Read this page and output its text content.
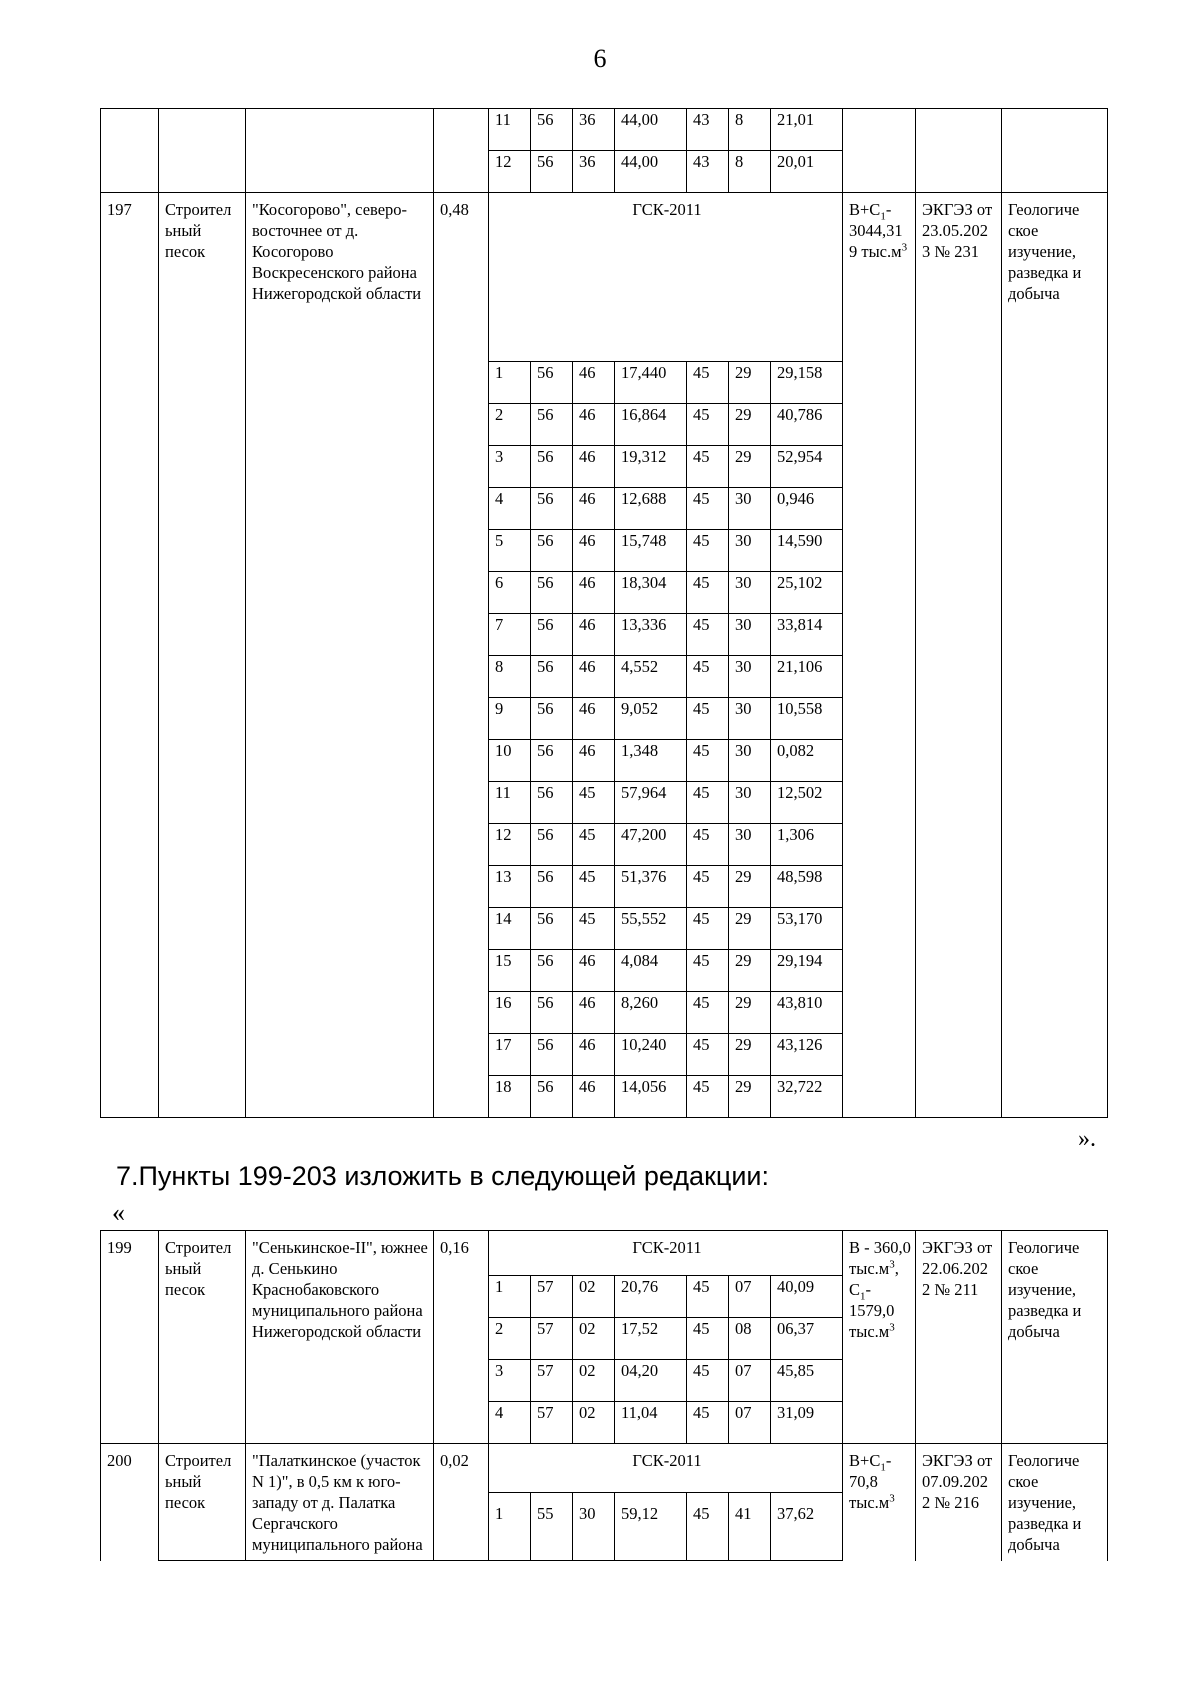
6
				11	56	36	44,00	43	8	21,01			
				12	56	36	44,00	43	8	20,01			
197	Строител ьный песок	"Косогорово", северо-восточнее от д. Косогорово Воскресенского района Нижегородской области	0,48	ГСК-2011							$B+C_1-3044,31$ 9 $тыс.м^3$	ЭКГЭЗ от 23.05.202 3 № 231	Геологиче ское изучение, разведка и добыча
				1	56	46	17,440	45	29	29,158			
				2	56	46	16,864	45	29	40,786			
				3	56	46	19,312	45	29	52,954			
				4	56	46	12,688	45	30	0,946			
				5	56	46	15,748	45	30	14,590			
				6	56	46	18,304	45	30	25,102			
				7	56	46	13,336	45	30	33,814			
				8	56	46	4,552	45	30	21,106			
				9	56	46	9,052	45	30	10,558			
				10	56	46	1,348	45	30	0,082			
				11	56	45	57,964	45	30	12,502			
				12	56	45	47,200	45	30	1,306			
				13	56	45	51,376	45	29	48,598			
				14	56	45	55,552	45	29	53,170			
				15	56	46	4,084	45	29	29,194			
				16	56	46	8,260	45	29	43,810			
				17	56	46	10,240	45	29	43,126			
				18	56	46	14,056	45	29	32,722			
».
7.Пункты 199-203 изложить в следующей редакции:
«
199	Строител ьный песок	"Сенькинское-II", южнее д. Сенькино Краснобаковского муниципального района Нижегородской области	0,16	ГСК-2011							B - 360,0 $тыс.м^3$, $C_1-1579,0$ $тыс.м^3$	ЭКГЭЗ от 22.06.202 2 № 211	Геологиче ское изучение, разведка и добыча
				1	57	02	20,76	45	07	40,09			
				2	57	02	17,52	45	08	06,37			
				3	57	02	04,20	45	07	45,85			
				4	57	02	11,04	45	07	31,09			
200	Строител ьный песок	"Палаткинское (участок N 1)", в 0,5 км к юго-западу от д. Палатка Сергачского муниципального района	0,02	ГСК-2011							$B+C_1-70,8$ $тыс.м^3$	ЭКГЭЗ от 07.09.202 2 № 216	Геологиче ское изучение, разведка и добыча
				1	55	30	59,12	45	41	37,62			
